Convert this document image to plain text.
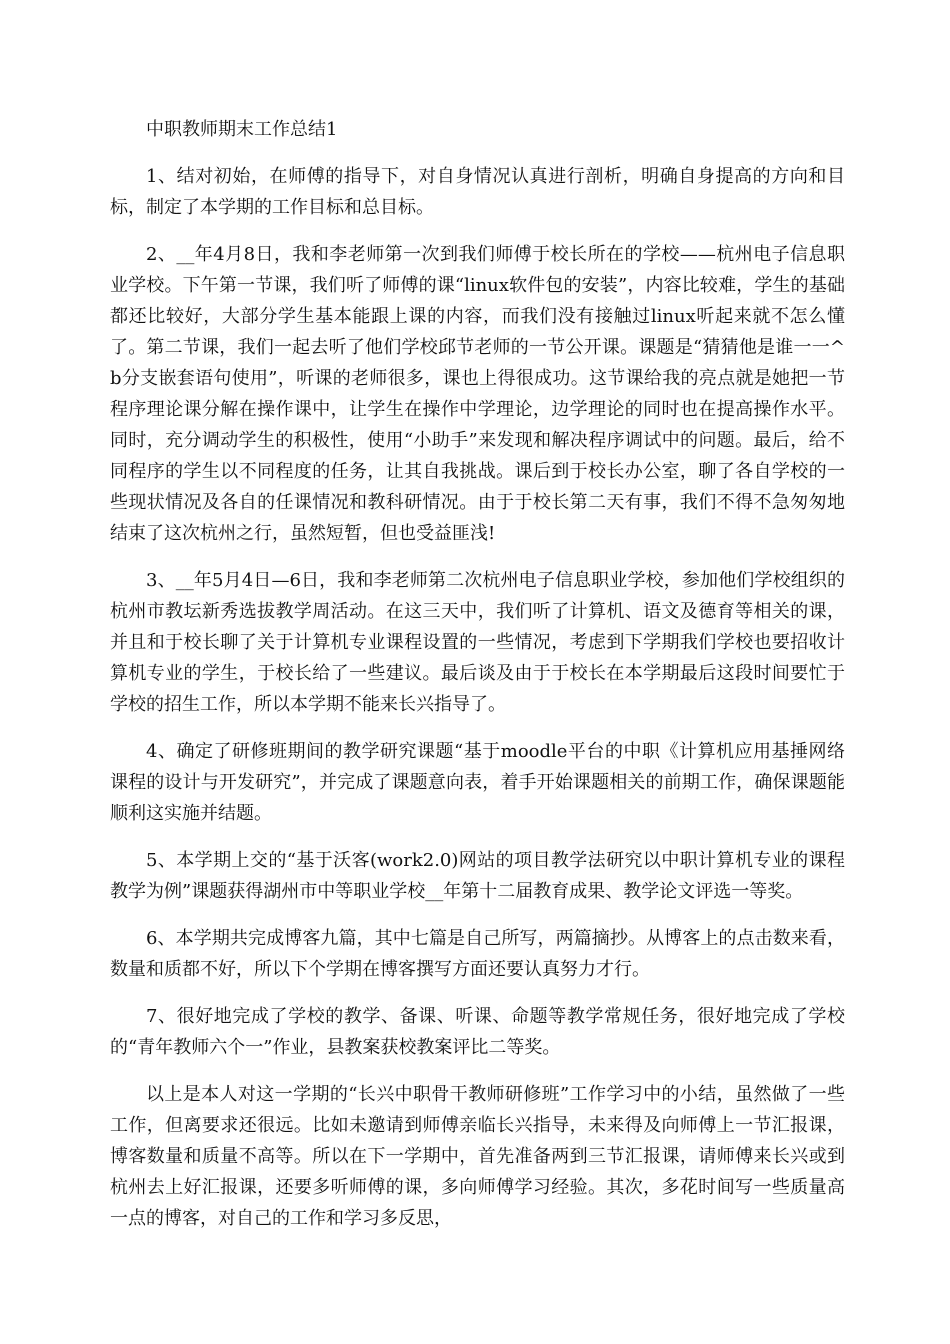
中职教师期末工作总结1

1、结对初始，在师傅的指导下，对自身情况认真进行剖析，明确自身提高的方向和目标，制定了本学期的工作目标和总目标。

2、__年4月8日，我和李老师第一次到我们师傅于校长所在的学校——杭州电子信息职业学校。下午第一节课，我们听了师傅的课“linux软件包的安装”，内容比较难，学生的基础都还比较好，大部分学生基本能跟上课的内容，而我们没有接触过linux听起来就不怎么懂了。第二节课，我们一起去听了他们学校邱节老师的一节公开课。课题是“猜猜他是谁一一^b分支嵌套语句使用”，听课的老师很多，课也上得很成功。这节课给我的亮点就是她把一节程序理论课分解在操作课中，让学生在操作中学理论，边学理论的同时也在提高操作水平。同时，充分调动学生的积极性，使用“小助手”来发现和解决程序调试中的问题。最后，给不同程序的学生以不同程度的任务，让其自我挑战。课后到于校长办公室，聊了各自学校的一些现状情况及各自的任课情况和教科研情况。由于于校长第二天有事，我们不得不急匆匆地结束了这次杭州之行，虽然短暂，但也受益匪浅!

3、__年5月4日—6日，我和李老师第二次杭州电子信息职业学校，参加他们学校组织的杭州市教坛新秀选拔教学周活动。在这三天中，我们听了计算机、语文及德育等相关的课，并且和于校长聊了关于计算机专业课程设置的一些情况，考虑到下学期我们学校也要招收计算机专业的学生，于校长给了一些建议。最后谈及由于于校长在本学期最后这段时间要忙于学校的招生工作，所以本学期不能来长兴指导了。

4、确定了研修班期间的教学研究课题“基于moodle平台的中职《计算机应用基捶网络课程的设计与开发研究”，并完成了课题意向表，着手开始课题相关的前期工作，确保课题能顺利这实施并结题。

5、本学期上交的“基于沃客(work2.0)网站的项目教学法研究以中职计算机专业的课程教学为例”课题获得湖州市中等职业学校__年第十二届教育成果、教学论文评选一等奖。

6、本学期共完成博客九篇，其中七篇是自己所写，两篇摘抄。从博客上的点击数来看，数量和质都不好，所以下个学期在博客撰写方面还要认真努力才行。

7、很好地完成了学校的教学、备课、听课、命题等教学常规任务，很好地完成了学校的“青年教师六个一”作业，县教案获校教案评比二等奖。

以上是本人对这一学期的“长兴中职骨干教师研修班”工作学习中的小结，虽然做了一些工作，但离要求还很远。比如未邀请到师傅亲临长兴指导，未来得及向师傅上一节汇报课，博客数量和质量不高等。所以在下一学期中，首先准备两到三节汇报课，请师傅来长兴或到杭州去上好汇报课，还要多听师傅的课，多向师傅学习经验。其次，多花时间写一些质量高一点的博客，对自己的工作和学习多反思，
